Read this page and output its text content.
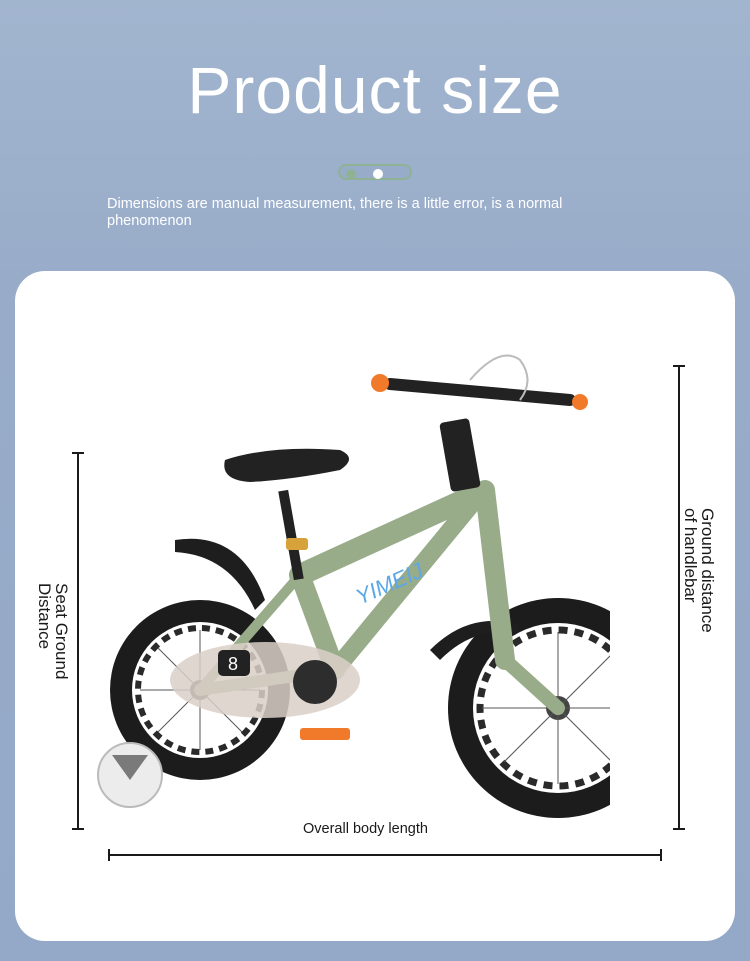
Product size
Dimensions are manual measurement, there is a little error, is a normal phenomenon
Seat Ground Distance	Ground distance of handlebar
Overall body length
YIMEIJ
8
